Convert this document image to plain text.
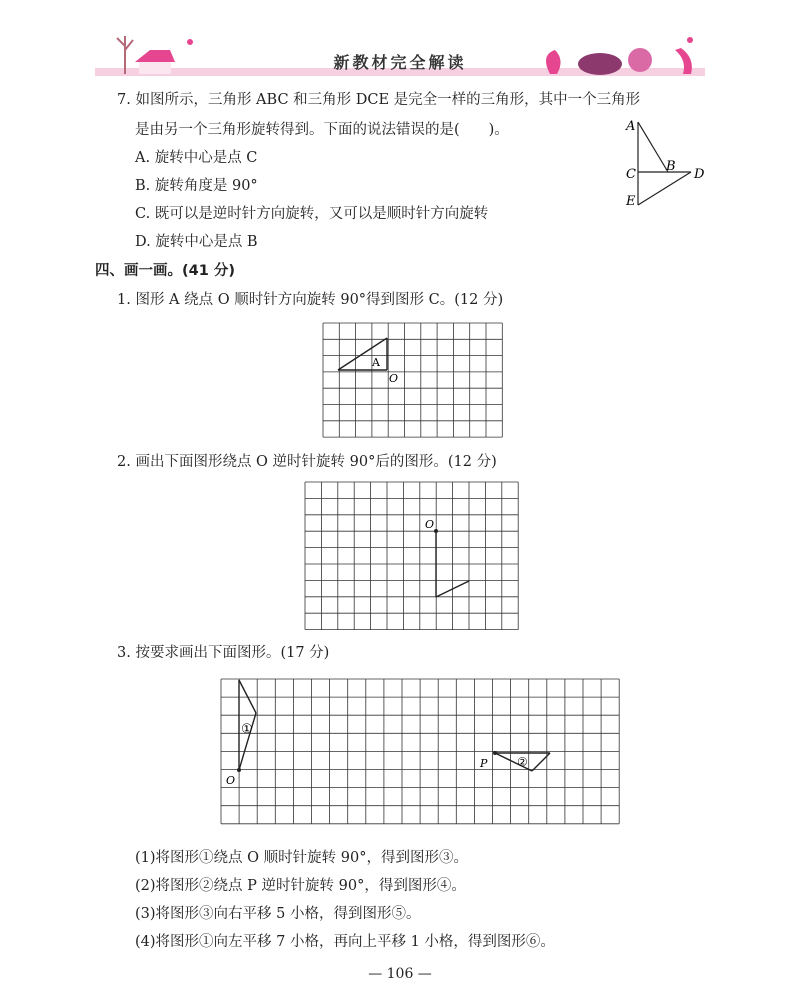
新教材完全解读
7. 如图所示，三角形 ABC 和三角形 DCE 是完全一样的三角形，其中一个三角形
是由另一个三角形旋转得到。下面的说法错误的是(　　)。
A. 旋转中心是点 C
B. 旋转角度是 90°
C. 既可以是逆时针方向旋转，又可以是顺时针方向旋转
D. 旋转中心是点 B
A
B
C	D
E
四、画一画。(41 分)
1. 图形 A 绕点 O 顺时针方向旋转 90°得到图形 C。(12 分)
A
O
2. 画出下面图形绕点 O 逆时针旋转 90°后的图形。(12 分)
O
3. 按要求画出下面图形。(17 分)
①
O
②
P
(1)将图形①绕点 O 顺时针旋转 90°，得到图形③。
(2)将图形②绕点 P 逆时针旋转 90°，得到图形④。
(3)将图形③向右平移 5 小格，得到图形⑤。
(4)将图形①向左平移 7 小格，再向上平移 1 小格，得到图形⑥。
— 106 —
